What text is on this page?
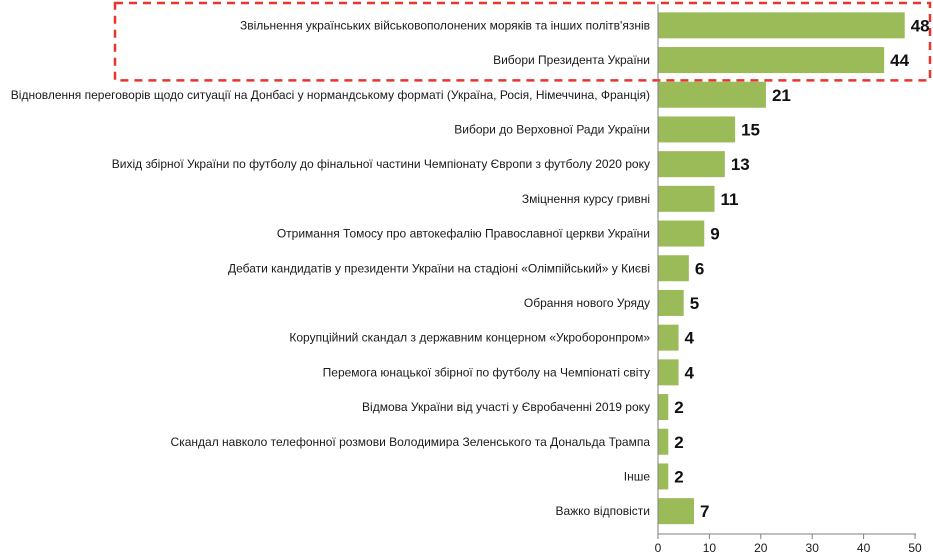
Звільнення українських військовополонених моряків та інших політв'язнів	48
Вибори Президента України	44
Відновлення переговорів щодо ситуації на Донбасі у нормандському форматі (Україна, Росія, Німеччина, Франція)	21
Вибори до Верховної Ради України	15
Вихід збірної України по футболу до фінальної частини Чемпіонату Європи з футболу 2020 року	13
Зміцнення курсу гривні	11
Отримання Томосу про автокефалію Православної церкви України	9
Дебати кандидатів у президенти України на стадіоні «Олімпійський» у Києві	6
Обрання нового Уряду 5
Корупційний скандал з державним концерном «Укроборонпром» 4
Перемога юнацької збірної по футболу на Чемпіонаті світу 4
Відмова України від участі у Євробаченні 2019 року 2
Скандал навколо телефонної розмови Володимира Зеленського та Дональда Трампа 2
Інше 2
Важко відповісти	7
0	10	20	30	40	50
